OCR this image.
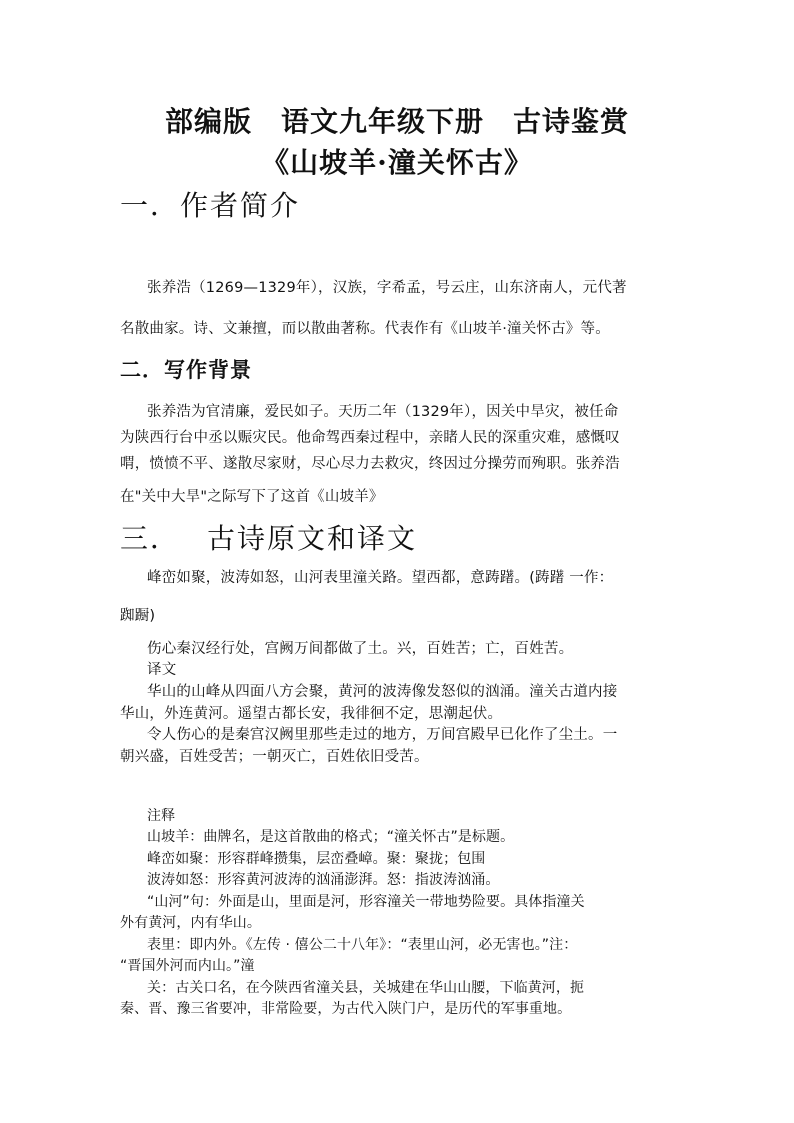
部编版　语文九年级下册　古诗鉴赏
《山坡羊·潼关怀古》
一．作者简介
张养浩（1269—1329年），汉族，字希孟，号云庄，山东济南人，元代著
名散曲家。诗、文兼擅，而以散曲著称。代表作有《山坡羊·潼关怀古》等。
二．写作背景
张养浩为官清廉，爱民如子。天历二年（1329年），因关中旱灾，被任命
为陕西行台中丞以赈灾民。他命驾西秦过程中，亲睹人民的深重灾难，感慨叹
喟，愤愤不平、遂散尽家财，尽心尽力去救灾，终因过分操劳而殉职。张养浩
在"关中大旱"之际写下了这首《山坡羊》
三． 古诗原文和译文
峰峦如聚，波涛如怒，山河表里潼关路。望西都，意踌躇。(踌躇 一作：
踟蹰)
伤心秦汉经行处，宫阙万间都做了土。兴，百姓苦；亡，百姓苦。
译文
华山的山峰从四面八方会聚，黄河的波涛像发怒似的汹涌。潼关古道内接
华山，外连黄河。遥望古都长安，我徘徊不定，思潮起伏。
令人伤心的是秦宫汉阙里那些走过的地方，万间宫殿早已化作了尘土。一
朝兴盛，百姓受苦；一朝灭亡，百姓依旧受苦。
注释
山坡羊：曲牌名，是这首散曲的格式；“潼关怀古”是标题。
峰峦如聚：形容群峰攒集，层峦叠嶂。聚：聚拢；包围
波涛如怒：形容黄河波涛的汹涌澎湃。怒：指波涛汹涌。
“山河”句：外面是山，里面是河，形容潼关一带地势险要。具体指潼关
外有黄河，内有华山。
表里：即内外。《左传 · 僖公二十八年》：“表里山河，必无害也。”注：
“晋国外河而内山。”潼
关：古关口名，在今陕西省潼关县，关城建在华山山腰，下临黄河，扼
秦、晋、豫三省要冲，非常险要，为古代入陕门户，是历代的军事重地。
